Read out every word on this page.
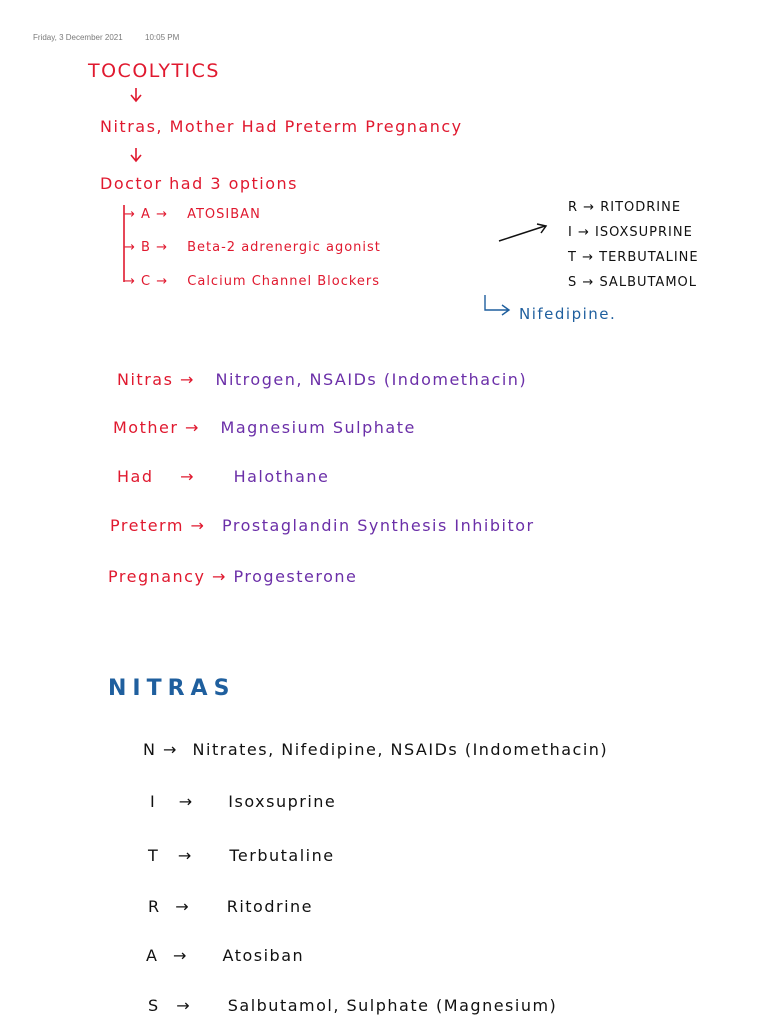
Friday, 3 December 2021	10:05 PM
TOCOLYTICS
Nitras, Mother Had Preterm Pregnancy
Doctor had 3 options
→ A → ATOSIBAN
→ B → Beta-2 adrenergic agonist
→ C → Calcium Channel Blockers
Nifedipine.
R → RITODRINE
I → ISOXSUPRINE
T → TERBUTALINE
S → SALBUTAMOL
Nitras → Nitrogen, NSAIDs (Indomethacin)
Mother → Magnesium Sulphate
Had → Halothane
Preterm → Prostaglandin Synthesis Inhibitor
Pregnancy → Progesterone
NITRAS
N → Nitrates, Nifedipine, NSAIDs (Indomethacin)
I → Isoxsuprine
T → Terbutaline
R → Ritodrine
A → Atosiban
S → Salbutamol, Sulphate (Magnesium)
